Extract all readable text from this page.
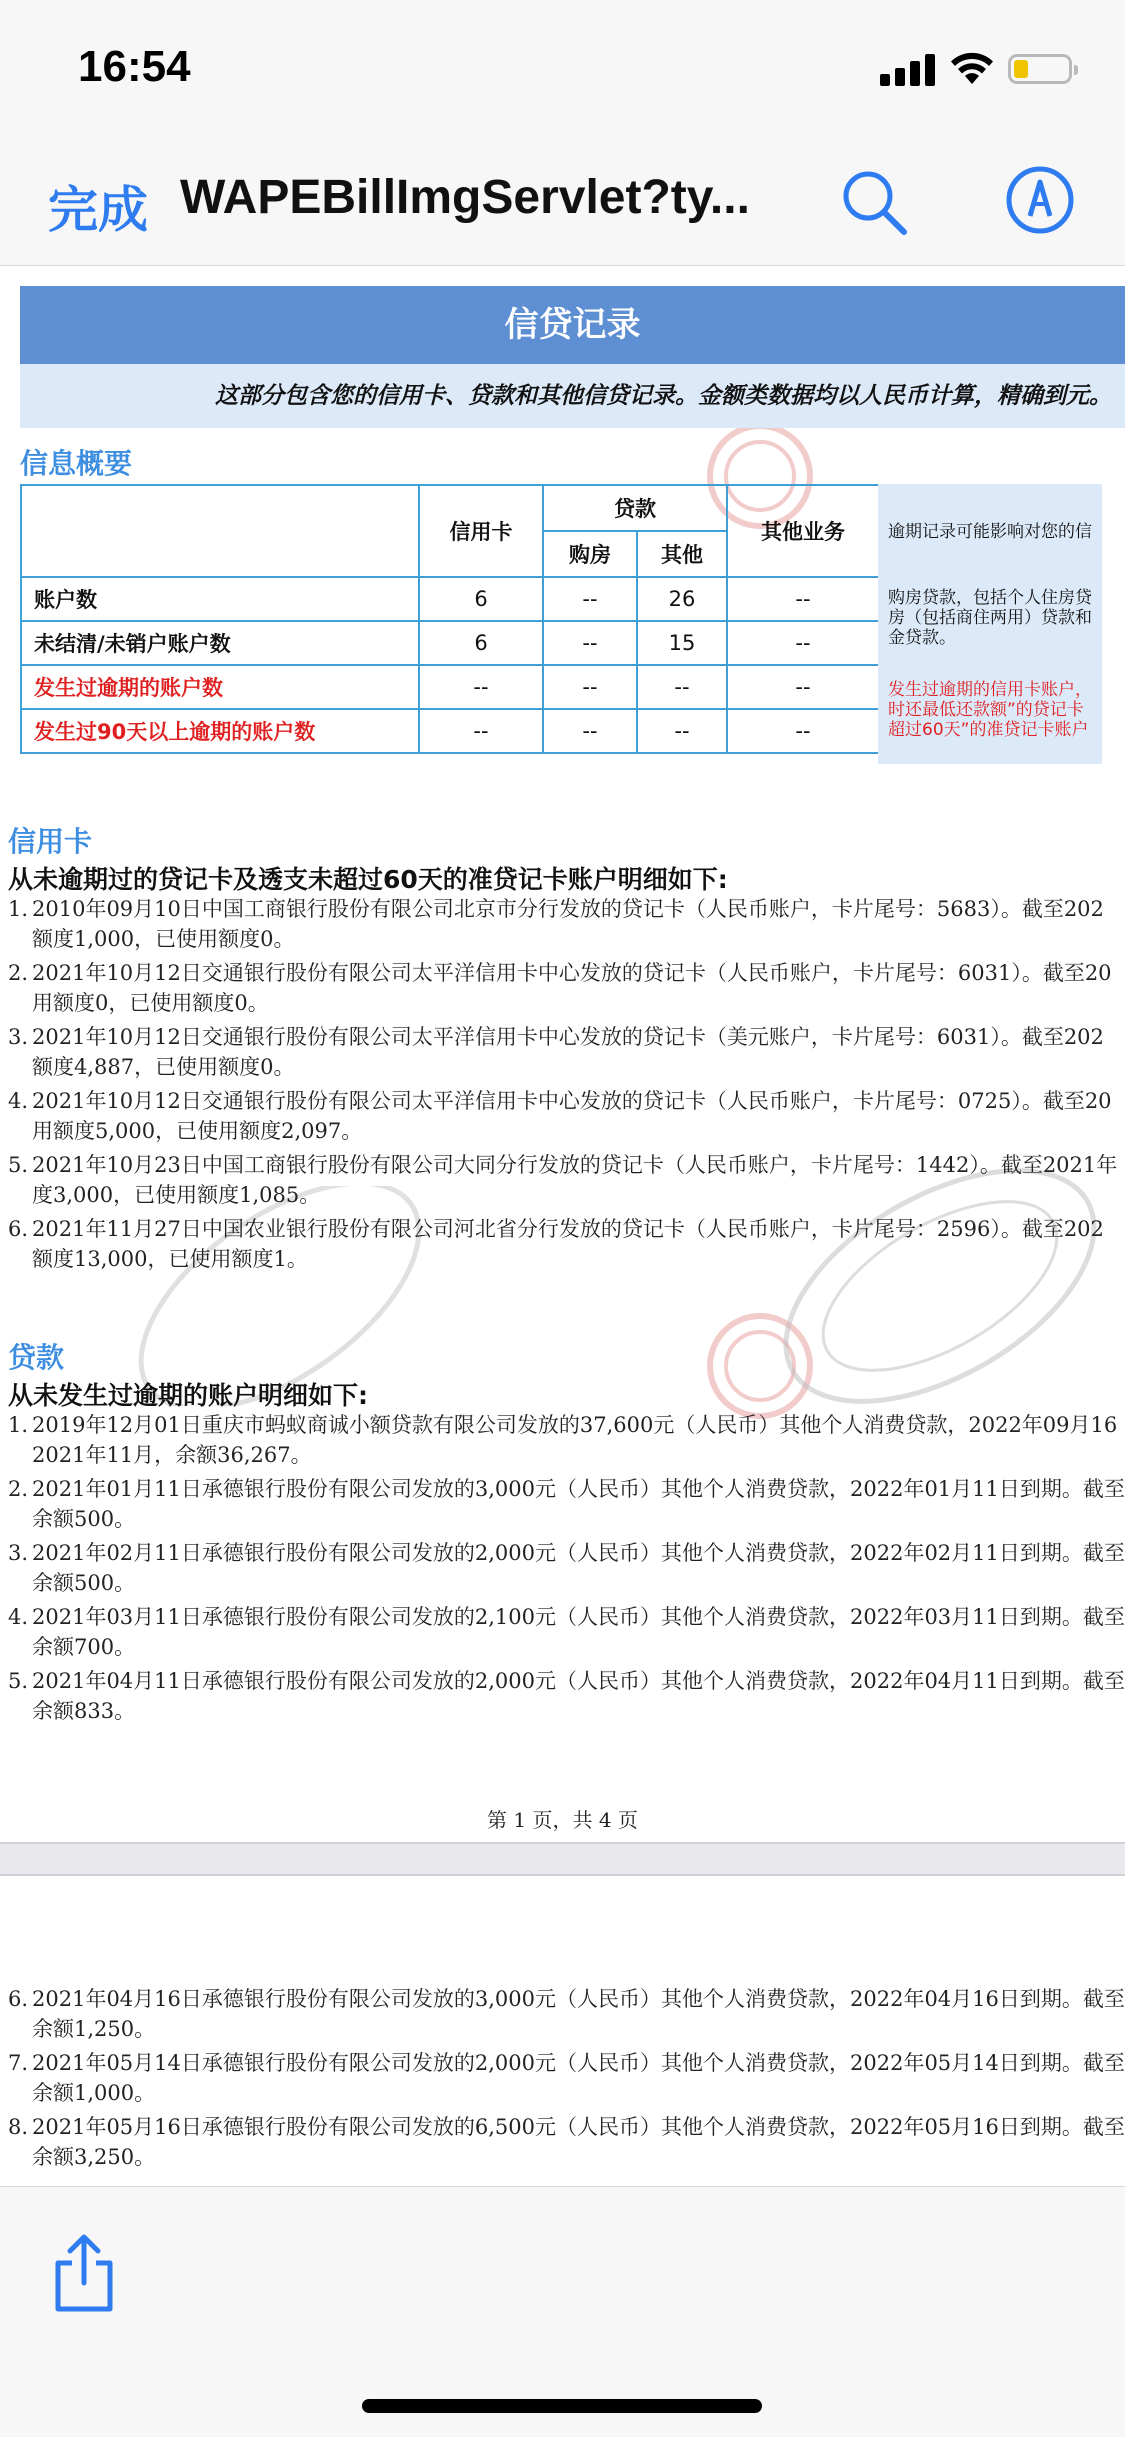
16:54
完成 WAPEBillImgServlet?ty...
信贷记录
这部分包含您的信用卡、贷款和其他信贷记录。金额类数据均以人民币计算，精确到元。
信息概要
	信用卡	贷款		其他业务
		购房	其他	
账户数	6	--	26	--
未结清/未销户账户数	6	--	15	--
发生过逾期的账户数	--	--	--	--
发生过90天以上逾期的账户数	--	--	--	--
逾期记录可能影响对您的信
购房贷款，包括个人住房贷
房（包括商住两用）贷款和
金贷款。
发生过逾期的信用卡账户，
时还最低还款额”的贷记卡
超过60天”的准贷记卡账户
信用卡
从未逾期过的贷记卡及透支未超过60天的准贷记卡账户明细如下:
1. 2010年09月10日中国工商银行股份有限公司北京市分行发放的贷记卡（人民币账户，卡片尾号：5683）。截至202
额度1,000，已使用额度0。
2. 2021年10月12日交通银行股份有限公司太平洋信用卡中心发放的贷记卡（人民币账户，卡片尾号：6031）。截至20
用额度0，已使用额度0。
3. 2021年10月12日交通银行股份有限公司太平洋信用卡中心发放的贷记卡（美元账户，卡片尾号：6031）。截至202
额度4,887，已使用额度0。
4. 2021年10月12日交通银行股份有限公司太平洋信用卡中心发放的贷记卡（人民币账户，卡片尾号：0725）。截至20
用额度5,000，已使用额度2,097。
5. 2021年10月23日中国工商银行股份有限公司大同分行发放的贷记卡（人民币账户，卡片尾号：1442）。截至2021年
度3,000，已使用额度1,085。
6. 2021年11月27日中国农业银行股份有限公司河北省分行发放的贷记卡（人民币账户，卡片尾号：2596）。截至202
额度13,000，已使用额度1。
贷款
从未发生过逾期的账户明细如下:
1. 2019年12月01日重庆市蚂蚁商诚小额贷款有限公司发放的37,600元（人民币）其他个人消费贷款，2022年09月16
2021年11月，余额36,267。
2. 2021年01月11日承德银行股份有限公司发放的3,000元（人民币）其他个人消费贷款，2022年01月11日到期。截至
余额500。
3. 2021年02月11日承德银行股份有限公司发放的2,000元（人民币）其他个人消费贷款，2022年02月11日到期。截至
余额500。
4. 2021年03月11日承德银行股份有限公司发放的2,100元（人民币）其他个人消费贷款，2022年03月11日到期。截至
余额700。
5. 2021年04月11日承德银行股份有限公司发放的2,000元（人民币）其他个人消费贷款，2022年04月11日到期。截至
余额833。
第 1 页，共 4 页
6. 2021年04月16日承德银行股份有限公司发放的3,000元（人民币）其他个人消费贷款，2022年04月16日到期。截至
余额1,250。
7. 2021年05月14日承德银行股份有限公司发放的2,000元（人民币）其他个人消费贷款，2022年05月14日到期。截至
余额1,000。
8. 2021年05月16日承德银行股份有限公司发放的6,500元（人民币）其他个人消费贷款，2022年05月16日到期。截至
余额3,250。
